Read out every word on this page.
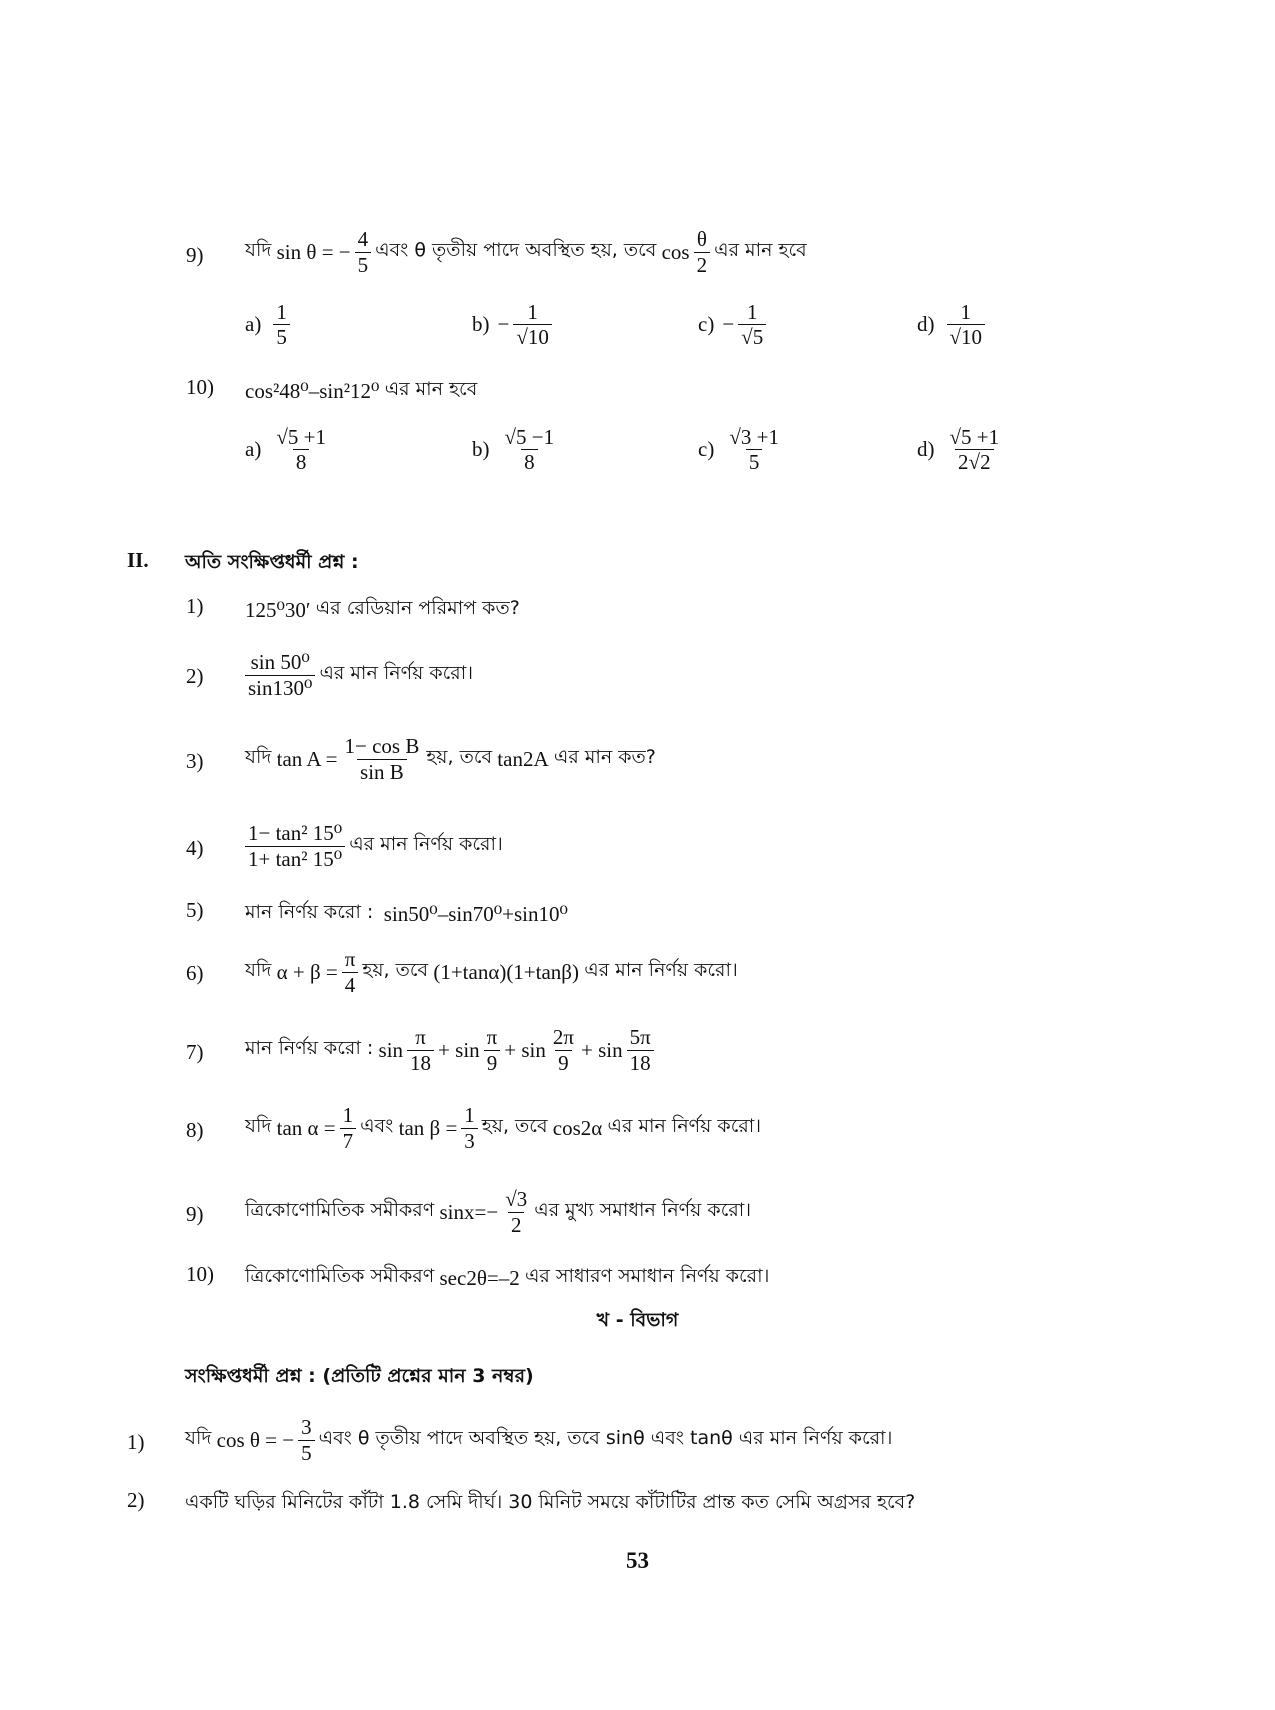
9) যদি
sin θ = − $\frac{4}{5}$ এবং θ তৃতীয় পাদে অবস্থিত হয়, তবে
$\cos \frac{\theta}{2}$ এর মান হবে
$a) \frac{1}{5}$	$b) - \frac{1}{√10}$	$c) - \frac{1}{√5}$	$d) \frac{1}{√10}$
10) cos²48⁰–sin²12⁰
এর মান হবে
$a) \frac{√5 +1}{8}$	$b) \frac{√5 -1}{8}$	$c) \frac{√3 +1}{5}$	$d) \frac{√5 +1}{2√2}$
II. অতি সংক্ষিপ্তধর্মী প্রশ্ন :
1) 125⁰30′
এর রেডিয়ান পরিমাপ কত?
$2) \frac{\text{sin 50⁰}}{\text{sin130⁰}}$ এর মান নির্ণয় করো।
3) যদি
$\tan A = \frac{\text{1− cos B}}{\text{sin B}}$ হয়, তবে
tan2A
এর মান কত?
$4) \frac{\text{1− tan² 15⁰}}{\text{1+ tan² 15⁰}}$ এর মান নির্ণয় করো।
5) মান নির্ণয় করো :
sin50⁰–sin70⁰+sin10⁰
6) যদি
$\alpha + \beta = \frac{\pi}{4}$ হয়, তবে
(1+tanα)(1+tanβ)
এর মান নির্ণয় করো।
7) মান নির্ণয় করো :
$\sin \frac{\pi}{18} + \sin \frac{\pi}{9} + \sin \frac{2\pi}{9} + \sin \frac{5\pi}{18}$
8) যদি
$\tan \alpha = \frac{1}{7}$ এবং
$\tan \beta = \frac{1}{3}$ হয়, তবে
cos2α
এর মান নির্ণয় করো।
9) ত্রিকোণোমিতিক সমীকরণ
$\sin x=- \frac{√3}{2}$ এর মুখ্য সমাধান নির্ণয় করো।
10) ত্রিকোণোমিতিক সমীকরণ
sec2θ=–2
এর সাধারণ সমাধান নির্ণয় করো।
খ - বিভাগ
সংক্ষিপ্তধর্মী প্রশ্ন : (প্রতিটি প্রশ্নের মান 3 নম্বর)
1) যদি
cos θ = − $\frac{3}{5}$ এবং θ তৃতীয় পাদে অবস্থিত হয়, তবে sinθ এবং tanθ এর মান নির্ণয় করো।
2) একটি ঘড়ির মিনিটের কাঁটা 1.8 সেমি দীর্ঘ। 30 মিনিট সময়ে কাঁটাটির প্রান্ত কত সেমি অগ্রসর হবে?
53
